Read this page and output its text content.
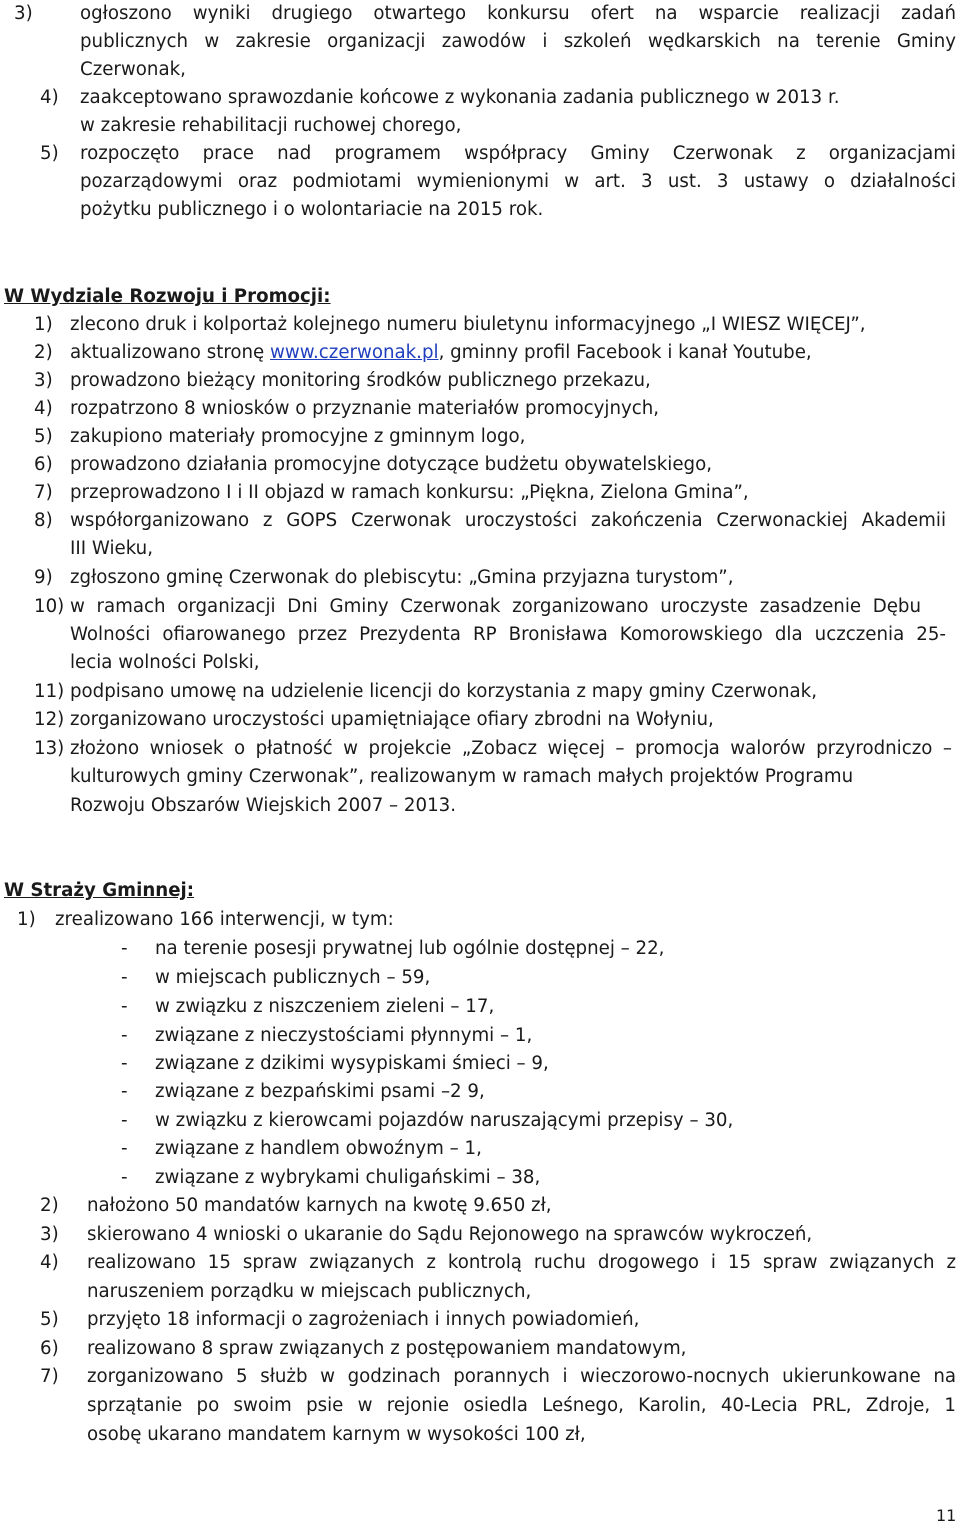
3)	ogłoszono wyniki drugiego otwartego konkursu ofert na wsparcie realizacji zadań
publicznych w zakresie organizacji zawodów i szkoleń wędkarskich na terenie Gminy
Czerwonak,
4) zaakceptowano sprawozdanie końcowe z wykonania zadania publicznego w 2013 r.
w zakresie rehabilitacji ruchowej chorego,
5) rozpoczęto prace nad programem współpracy Gminy Czerwonak z organizacjami
pozarządowymi oraz podmiotami wymienionymi w art. 3 ust. 3 ustawy o działalności
pożytku publicznego i o wolontariacie na 2015 rok.
W Wydziale Rozwoju i Promocji:
1) zlecono druk i kolportaż kolejnego numeru biuletynu informacyjnego „I WIESZ WIĘCEJ”,
2) aktualizowano stronę www.czerwonak.pl, gminny profil Facebook i kanał Youtube,
3) prowadzono bieżący monitoring środków publicznego przekazu,
4) rozpatrzono 8 wniosków o przyznanie materiałów promocyjnych,
5) zakupiono materiały promocyjne z gminnym logo,
6) prowadzono działania promocyjne dotyczące budżetu obywatelskiego,
7) przeprowadzono I i II objazd w ramach konkursu: „Piękna, Zielona Gmina”,
8) współorganizowano z GOPS Czerwonak uroczystości zakończenia Czerwonackiej Akademii
III Wieku,
9) zgłoszono gminę Czerwonak do plebiscytu: „Gmina przyjazna turystom”,
10) w ramach organizacji Dni Gminy Czerwonak zorganizowano uroczyste zasadzenie Dębu
Wolności ofiarowanego przez Prezydenta RP Bronisława Komorowskiego dla uczczenia 25-
lecia wolności Polski,
11) podpisano umowę na udzielenie licencji do korzystania z mapy gminy Czerwonak,
12) zorganizowano uroczystości upamiętniające ofiary zbrodni na Wołyniu,
13) złożono wniosek o płatność w projekcie „Zobacz więcej – promocja walorów przyrodniczo –
kulturowych gminy Czerwonak”, realizowanym w ramach małych projektów Programu
Rozwoju Obszarów Wiejskich 2007 – 2013.
W Straży Gminnej:
1) zrealizowano 166 interwencji, w tym:
- na terenie posesji prywatnej lub ogólnie dostępnej – 22,
- w miejscach publicznych – 59,
- w związku z niszczeniem zieleni – 17,
- związane z nieczystościami płynnymi – 1,
- związane z dzikimi wysypiskami śmieci – 9,
- związane z bezpańskimi psami –2 9,
- w związku z kierowcami pojazdów naruszającymi przepisy – 30,
- związane z handlem obwoźnym – 1,
- związane z wybrykami chuligańskimi – 38,
2) nałożono 50 mandatów karnych na kwotę 9.650 zł,
3) skierowano 4 wnioski o ukaranie do Sądu Rejonowego na sprawców wykroczeń,
4) realizowano 15 spraw związanych z kontrolą ruchu drogowego i 15 spraw związanych z
naruszeniem porządku w miejscach publicznych,
5) przyjęto 18 informacji o zagrożeniach i innych powiadomień,
6) realizowano 8 spraw związanych z postępowaniem mandatowym,
7) zorganizowano 5 służb w godzinach porannych i wieczorowo-nocnych ukierunkowane na
sprzątanie po swoim psie w rejonie osiedla Leśnego, Karolin, 40-Lecia PRL, Zdroje, 1
osobę ukarano mandatem karnym w wysokości 100 zł,
11
